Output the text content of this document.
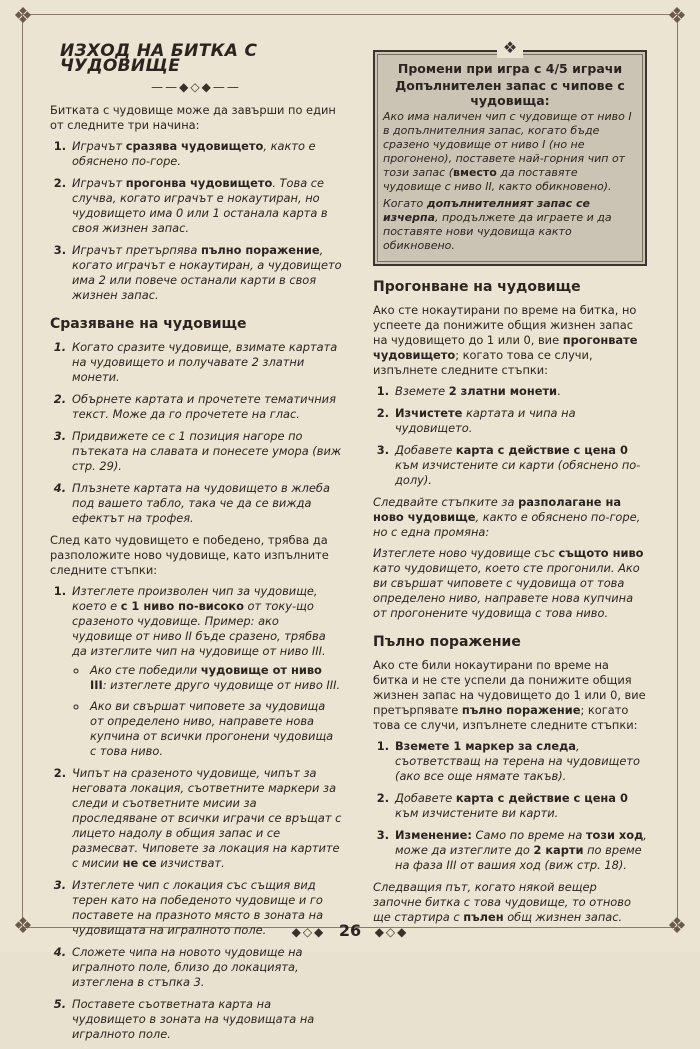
❖	❖
❖	❖
ИЗХОД НА БИТКА С ЧУДОВИЩЕ
——◆◇◆——

Битката с чудовище може да завърши по един от следните три начина:

1. Играчът сразява чудовището, както е обяснено по-горе.
2. Играчът прогонва чудовището. Това се случва, когато играчът е нокаутиран, но чудовището има 0 или 1 останала карта в своя жизнен запас.
3. Играчът претърпява пълно поражение, когато играчът е нокаутиран, а чудовището има 2 или повече останали карти в своя жизнен запас.
Сразяване на чудовище
1. Когато сразите чудовище, взимате картата на чудовището и получавате 2 златни монети.
2. Обърнете картата и прочетете тематичния текст. Може да го прочетете на глас.
3. Придвижете се с 1 позиция нагоре по пътеката на славата и понесете умора (виж стр. 29).
4. Плъзнете картата на чудовището в жлеба под вашето табло, така че да се вижда ефектът на трофея.

След като чудовището е победено, трябва да разположите ново чудовище, като изпълните следните стъпки:

1. Изтеглете произволен чип за чудовище, което е с 1 ниво по-високо от току-що сразеното чудовище. Пример: ако чудовище от ниво II бъде сразено, трябва да изтеглите чип на чудовище от ниво III.
◦ Ако сте победили чудовище от ниво III: изтеглете друго чудовище от ниво III.
◦ Ако ви свършат чиповете за чудовища от определено ниво, направете нова купчина от всички прогонени чудовища с това ниво.
2. Чипът на сразеното чудовище, чипът за неговата локация, съответните маркери за следи и съответните мисии за проследяване от всички играчи се връщат с лицето надолу в общия запас и се размесват. Чиповете за локация на картите с мисии не се изчистват.
3. Изтеглете чип с локация със същия вид терен като на победеното чудовище и го поставете на празното място в зоната на чудовищата на игралното поле.
4. Сложете чипа на новото чудовище на игралното поле, близо до локацията, изтеглена в стъпка 3.
5. Поставете съответната карта на чудовището в зоната на чудовищата на игралното поле.
❖
Промени при игра с 4/5 играчи
Допълнителен запас с чипове с чудовища:

Ако има наличен чип с чудовище от ниво I в допълнителния запас, когато бъде сразено чудовище от ниво I (но не прогонено), поставете най-горния чип от този запас (вместо да поставяте чудовище с ниво II, както обикновено).

Когато допълнителният запас се изчерпа, продължете да играете и да поставяте нови чудовища както обикновено.

Прогонване на чудовище

Ако сте нокаутирани по време на битка, но успеете да понижите общия жизнен запас на чудовището до 1 или 0, вие прогонвате чудовището; когато това се случи, изпълнете следните стъпки:

1. Вземете 2 златни монети.
2. Изчистете картата и чипа на чудовището.
3. Добавете карта с действие с цена 0 към изчистените си карти (обяснено по-долу).

Следвайте стъпките за разполагане на ново чудовище, както е обяснено по-горе, но с една промяна:

Изтеглете ново чудовище със същото ниво като чудовището, което сте прогонили. Ако ви свършат чиповете с чудовища от това определено ниво, направете нова купчина от прогонените чудовища с това ниво.

Пълно поражение

Ако сте били нокаутирани по време на битка и не сте успели да понижите общия жизнен запас на чудовището до 1 или 0, вие претърпявате пълно поражение; когато това се случи, изпълнете следните стъпки:

1. Вземете 1 маркер за следа, съответстващ на терена на чудовището (ако все още нямате такъв).
2. Добавете карта с действие с цена 0 към изчистените ви карти.
3. Изменение: Само по време на този ход, може да изтеглите до 2 карти по време на фаза III от вашия ход (виж стр. 18).

Следващия път, когато някой вещер започне битка с това чудовище, то отново ще стартира с пълен общ жизнен запас.

◆◇◆ 26 ◆◇◆
